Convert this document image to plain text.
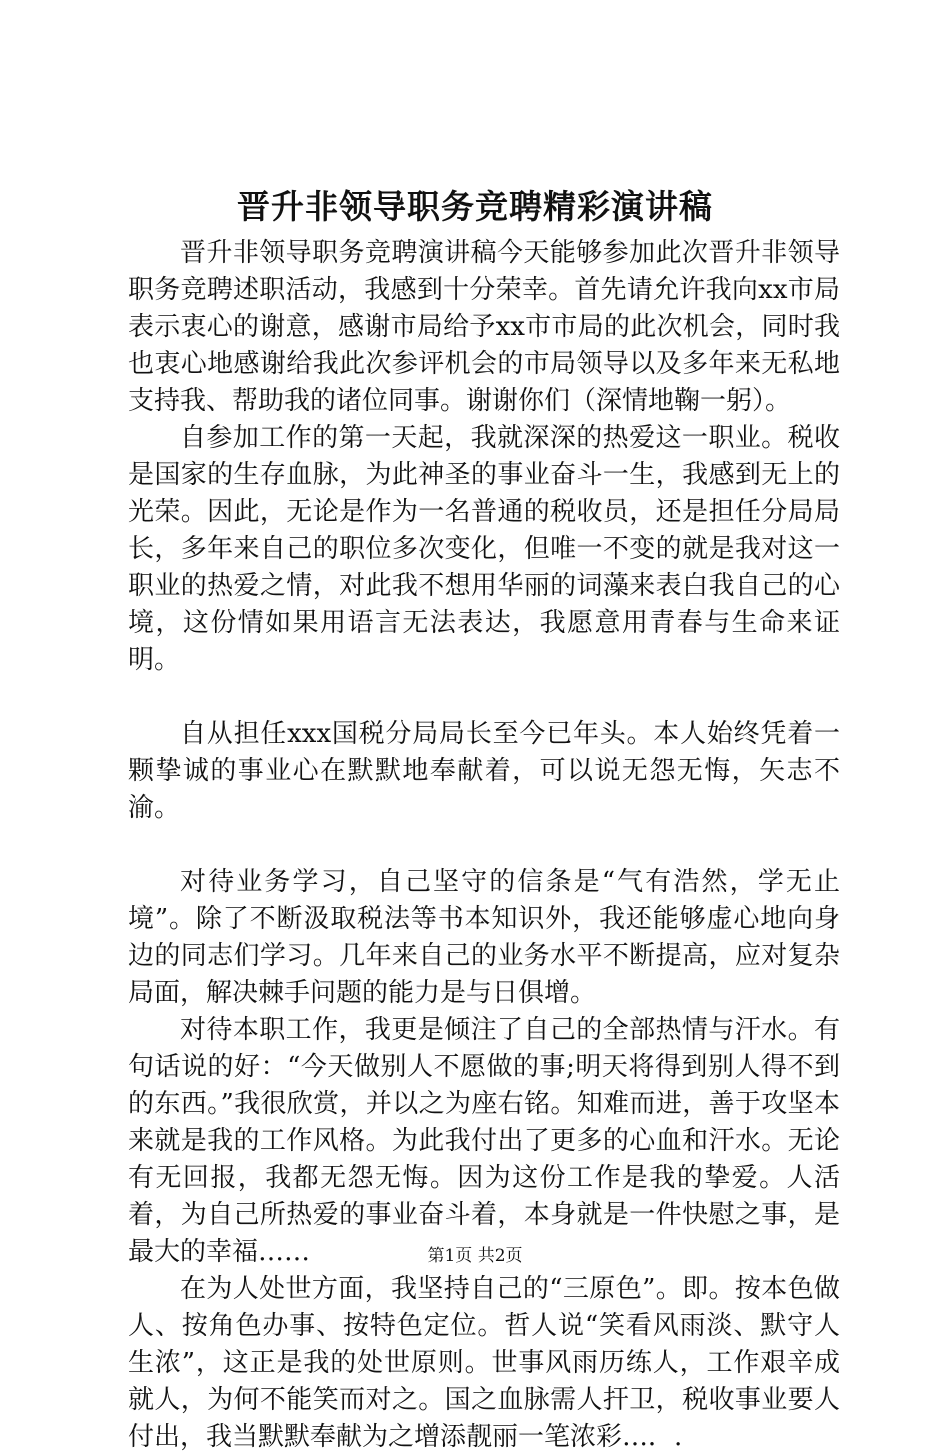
晋升非领导职务竞聘精彩演讲稿

晋升非领导职务竞聘演讲稿今天能够参加此次晋升非领导职务竞聘述职活动，我感到十分荣幸。首先请允许我向xx市局表示衷心的谢意，感谢市局给予xx市市局的此次机会，同时我也衷心地感谢给我此次参评机会的市局领导以及多年来无私地支持我、帮助我的诸位同事。谢谢你们（深情地鞠一躬）。

自参加工作的第一天起，我就深深的热爱这一职业。税收是国家的生存血脉，为此神圣的事业奋斗一生，我感到无上的光荣。因此，无论是作为一名普通的税收员，还是担任分局局长，多年来自己的职位多次变化，但唯一不变的就是我对这一职业的热爱之情，对此我不想用华丽的词藻来表白我自己的心境，这份情如果用语言无法表达，我愿意用青春与生命来证明。

自从担任xxx国税分局局长至今已年头。本人始终凭着一颗挚诚的事业心在默默地奉献着，可以说无怨无悔，矢志不渝。

对待业务学习，自己坚守的信条是“气有浩然，学无止境”。除了不断汲取税法等书本知识外，我还能够虚心地向身边的同志们学习。几年来自己的业务水平不断提高，应对复杂局面，解决棘手问题的能力是与日俱增。

对待本职工作，我更是倾注了自己的全部热情与汗水。有句话说的好：“今天做别人不愿做的事;明天将得到别人得不到的东西。”我很欣赏，并以之为座右铭。知难而进，善于攻坚本来就是我的工作风格。为此我付出了更多的心血和汗水。无论有无回报，我都无怨无悔。因为这份工作是我的挚爱。人活着，为自己所热爱的事业奋斗着，本身就是一件快慰之事，是最大的幸福……

在为人处世方面，我坚持自己的“三原色”。即。按本色做人、按角色办事、按特色定位。哲人说“笑看风雨淡、默守人生浓”，这正是我的处世原则。世事风雨历练人，工作艰辛成就人，为何不能笑而对之。国之血脉需人扞卫，税收事业要人付出，我当默默奉献为之增添靓丽一笔浓彩…．.

第1页 共2页
